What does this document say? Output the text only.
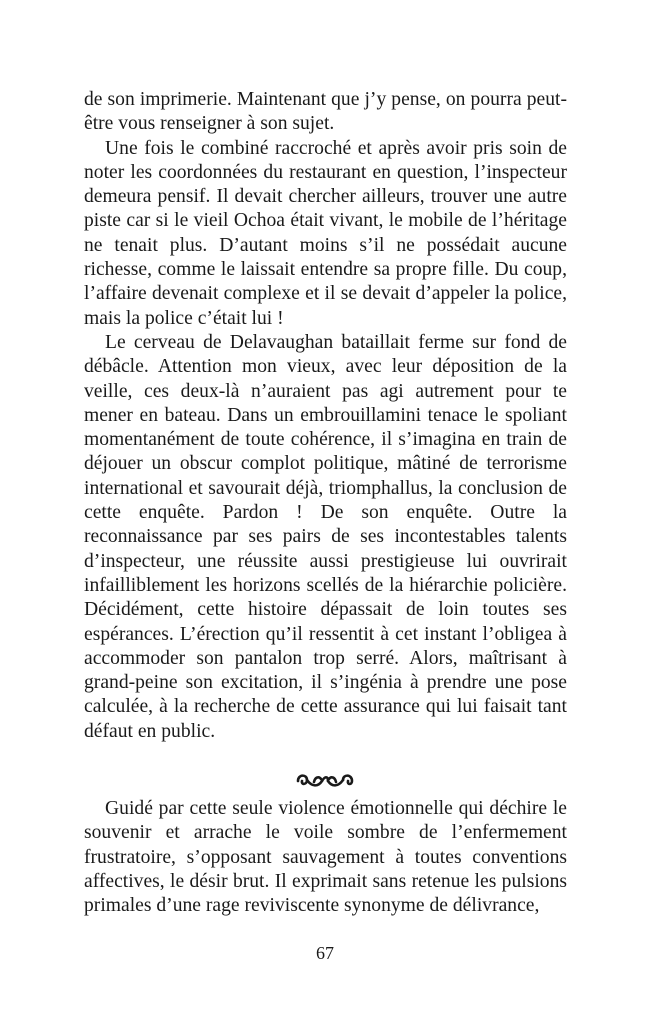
de son imprimerie. Maintenant que j’y pense, on pourra peut-être vous renseigner à son sujet.

Une fois le combiné raccroché et après avoir pris soin de noter les coordonnées du restaurant en question, l’inspecteur demeura pensif. Il devait chercher ailleurs, trouver une autre piste car si le vieil Ochoa était vivant, le mobile de l’héritage ne tenait plus. D’autant moins s’il ne possédait aucune richesse, comme le laissait entendre sa propre fille. Du coup, l’affaire devenait complexe et il se devait d’appeler la police, mais la police c’était lui !

Le cerveau de Delavaughan bataillait ferme sur fond de débâcle. Attention mon vieux, avec leur déposition de la veille, ces deux-là n’auraient pas agi autrement pour te mener en bateau. Dans un embrouillamini tenace le spoliant momentanément de toute cohérence, il s’imagina en train de déjouer un obscur complot politique, mâtiné de terrorisme international et savourait déjà, triomphallus, la conclusion de cette enquête. Pardon ! De son enquête. Outre la reconnaissance par ses pairs de ses incontestables talents d’inspecteur, une réussite aussi prestigieuse lui ouvrirait infailliblement les horizons scellés de la hiérarchie policière. Décidément, cette histoire dépassait de loin toutes ses espérances. L’érection qu’il ressentit à cet instant l’obligea à accommoder son pantalon trop serré. Alors, maîtrisant à grand-peine son excitation, il s’ingénia à prendre une pose calculée, à la recherche de cette assurance qui lui faisait tant défaut en public.

Guidé par cette seule violence émotionnelle qui déchire le souvenir et arrache le voile sombre de l’enfermement frustratoire, s’opposant sauvagement à toutes conventions affectives, le désir brut. Il exprimait sans retenue les pulsions primales d’une rage reviviscente synonyme de délivrance,

67
